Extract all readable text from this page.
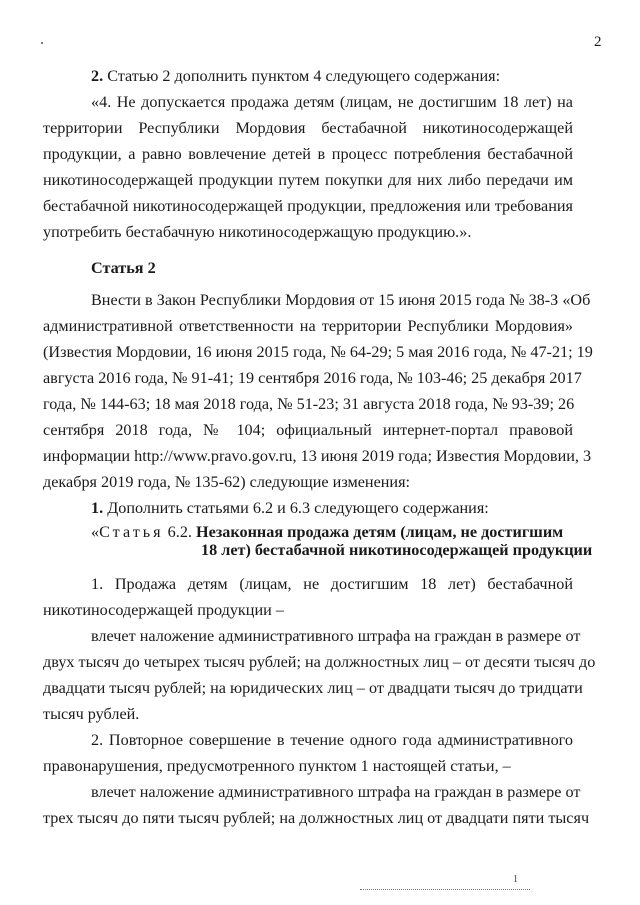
2
2. Статью 2 дополнить пунктом 4 следующего содержания:
«4. Не допускается продажа детям (лицам, не достигшим 18 лет) на
территории Республики Мордовия бестабачной никотиносодержащей
продукции, а равно вовлечение детей в процесс потребления бестабачной
никотиносодержащей продукции путем покупки для них либо передачи им
бестабачной никотиносодержащей продукции, предложения или требования
употребить бестабачную никотиносодержащую продукцию.».
Статья 2
Внести в Закон Республики Мордовия от 15 июня 2015 года № 38-З «Об
административной ответственности на территории Республики Мордовия»
(Известия Мордовии, 16 июня 2015 года, № 64-29; 5 мая 2016 года, № 47-21; 19
августа 2016 года, № 91-41; 19 сентября 2016 года, № 103-46; 25 декабря 2017
года, № 144-63; 18 мая 2018 года, № 51-23; 31 августа 2018 года, № 93-39; 26
сентября 2018 года, № 104; официальный интернет-портал правовой
информации http://www.pravo.gov.ru, 13 июня 2019 года; Известия Мордовии, 3
декабря 2019 года, № 135-62) следующие изменения:
1. Дополнить статьями 6.2 и 6.3 следующего содержания:
«Статья 6.2. Незаконная продажа детям (лицам, не достигшим
18 лет) бестабачной никотиносодержащей продукции
1. Продажа детям (лицам, не достигшим 18 лет) бестабачной
никотиносодержащей продукции –
влечет наложение административного штрафа на граждан в размере от
двух тысяч до четырех тысяч рублей; на должностных лиц – от десяти тысяч до
двадцати тысяч рублей; на юридических лиц – от двадцати тысяч до тридцати
тысяч рублей.
2. Повторное совершение в течение одного года административного
правонарушения, предусмотренного пунктом 1 настоящей статьи, –
влечет наложение административного штрафа на граждан в размере от
трех тысяч до пяти тысяч рублей; на должностных лиц от двадцати пяти тысяч
1
